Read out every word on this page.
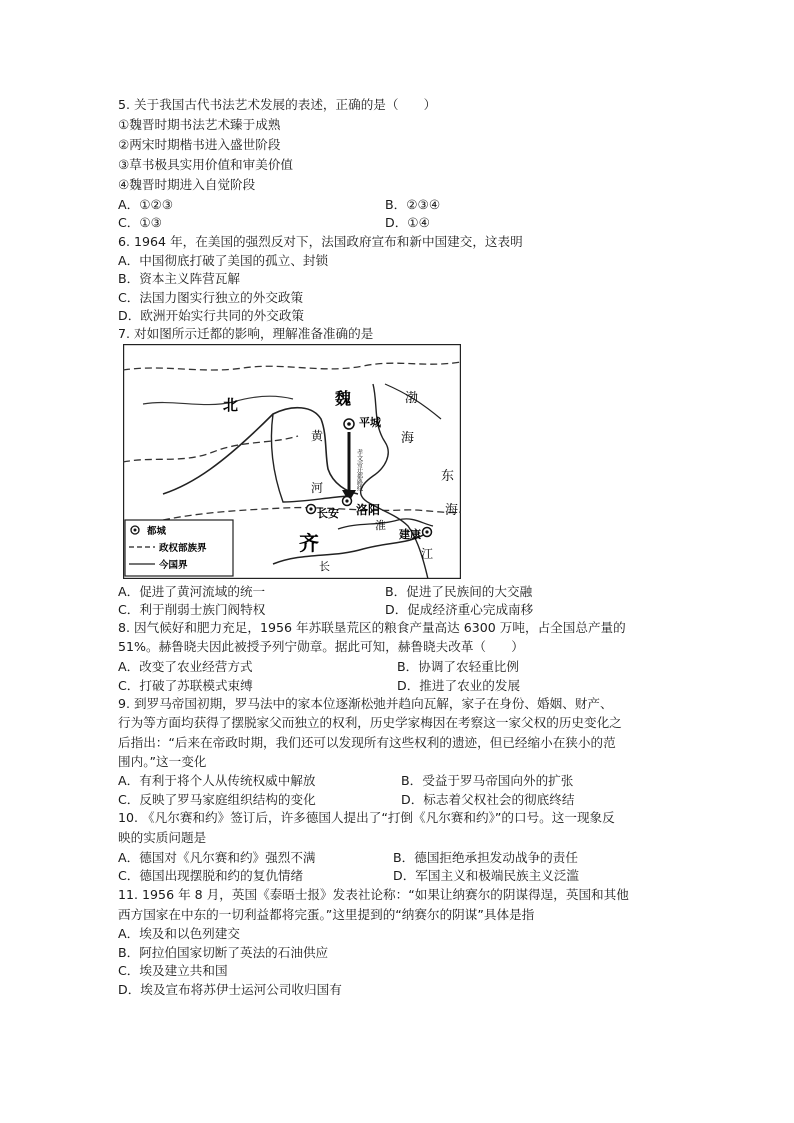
5. 关于我国古代书法艺术发展的表述，正确的是（　　）
①魏晋时期书法艺术臻于成熟
②两宋时期楷书进入盛世阶段
③草书极具实用价值和审美价值
④魏晋时期进入自觉阶段
A．①②③	B．②③④
C．①③	D．①④
6. 1964 年，在美国的强烈反对下，法国政府宣布和新中国建交，这表明
A．中国彻底打破了美国的孤立、封锁
B．资本主义阵营瓦解
C．法国力图实行独立的外交政策
D．欧洲开始实行共同的外交政策
7. 对如图所示迁都的影响，理解准备准确的是
孝文帝迁都路线
北	魏
平城
黄
河
渤
海
东
海
长安 洛阳
淮
建康
江
长
齐
都城
政权部族界
今国界
A．促进了黄河流域的统一	B．促进了民族间的大交融
C．利于削弱士族门阀特权	D．促成经济重心完成南移
8. 因气候好和肥力充足，1956 年苏联垦荒区的粮食产量高达 6300 万吨，占全国总产量的
51%。赫鲁晓夫因此被授予列宁勋章。据此可知，赫鲁晓夫改革（　　）
A．改变了农业经营方式	B．协调了农轻重比例
C．打破了苏联模式束缚	D．推进了农业的发展
9. 到罗马帝国初期，罗马法中的家本位逐渐松弛并趋向瓦解，家子在身份、婚姻、财产、
行为等方面均获得了摆脱家父而独立的权利，历史学家梅因在考察这一家父权的历史变化之
后指出：“后来在帝政时期，我们还可以发现所有这些权利的遗迹，但已经缩小在狭小的范
围内。”这一变化
A．有利于将个人从传统权威中解放	B．受益于罗马帝国向外的扩张
C．反映了罗马家庭组织结构的变化	D．标志着父权社会的彻底终结
10. 《凡尔赛和约》签订后，许多德国人提出了“打倒《凡尔赛和约》”的口号。这一现象反
映的实质问题是
A．德国对《凡尔赛和约》强烈不满	B．德国拒绝承担发动战争的责任
C．德国出现摆脱和约的复仇情绪	D．军国主义和极端民族主义泛滥
11. 1956 年 8 月，英国《泰晤士报》发表社论称：“如果让纳赛尔的阴谋得逞，英国和其他
西方国家在中东的一切利益都将完蛋。”这里提到的“纳赛尔的阴谋”具体是指
A．埃及和以色列建交
B．阿拉伯国家切断了英法的石油供应
C．埃及建立共和国
D．埃及宣布将苏伊士运河公司收归国有
